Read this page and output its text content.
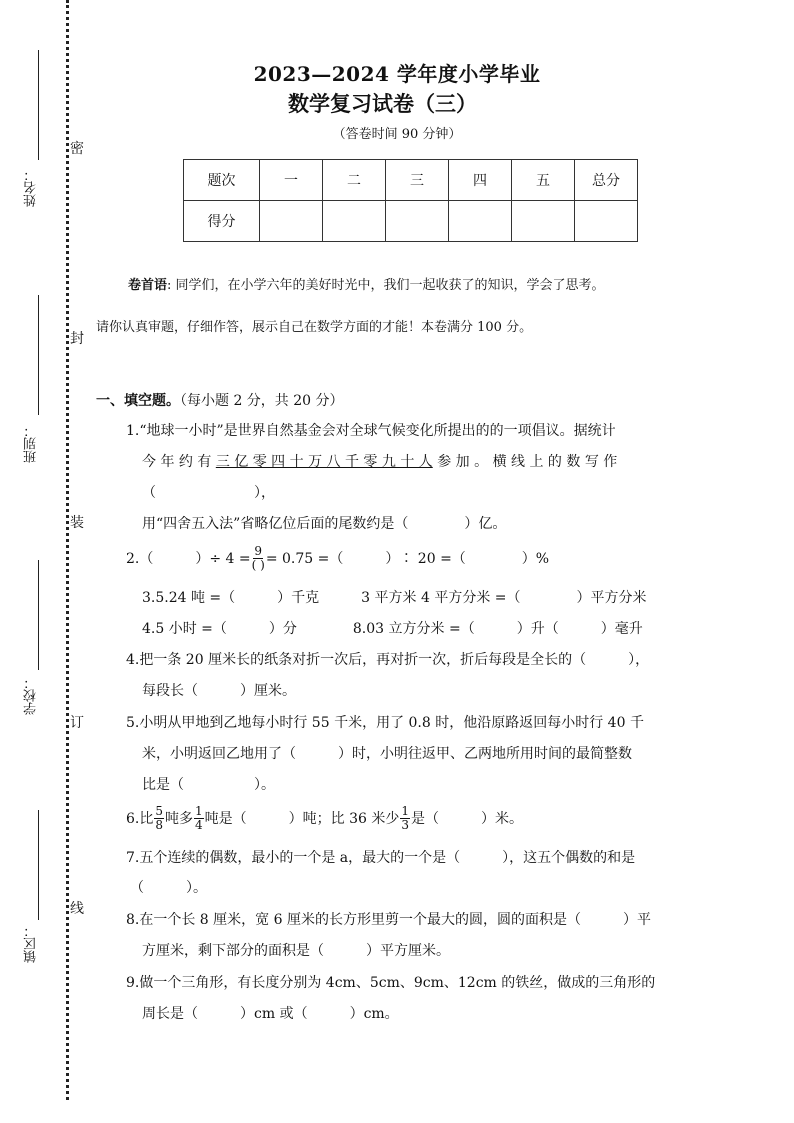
姓名：
班别：
学校：
镇区：
密
封
装
订
线
2023—2024 学年度小学毕业
数学复习试卷（三）
（答卷时间 90 分钟）
题次	一	二	三	四	五	总分
得分						
卷首语: 同学们，在小学六年的美好时光中，我们一起收获了的知识，学会了思考。
请你认真审题，仔细作答，展示自己在数学方面的才能！本卷满分 100 分。
一、填空题。（每小题 2 分，共 20 分）
1.“地球一小时”是世界自然基金会对全球气候变化所提出的的一项倡议。据统计
今 年 约 有 三 亿 零 四 十 万 八 千 零 九 十 人 参 加 。 横 线 上 的 数 写 作
（　　　　　　　），
用“四舍五入法”省略亿位后面的尾数约是（　　　　）亿。
2.（　　　）÷ $4 = \frac{9}{( )} = 0.75$ =（　　　）∶ 20 =（　　　　）%
3.5.24 吨 =（　　　）千克　　　3 平方米 4 平方分米 =（　　　　）平方分米
4.5 小时 =（　　　）分　　　　8.03 立方分米 =（　　　）升（　　　）毫升
4.把一条 20 厘米长的纸条对折一次后，再对折一次，折后每段是全长的（　　　），
每段长（　　　）厘米。
5.小明从甲地到乙地每小时行 55 千米，用了 0.8 时，他沿原路返回每小时行 40 千
米，小明返回乙地用了（　　　）时，小明往返甲、乙两地所用时间的最简整数
比是（　　　　　）。
6.比 $\frac{5}{8}$ 吨多 $\frac{1}{4}$ 吨是（　　　）吨；比 36 米少 $\frac{1}{3}$ 是（　　　）米。
7.五个连续的偶数，最小的一个是 a，最大的一个是（　　　），这五个偶数的和是
（　　　）。
8.在一个长 8 厘米，宽 6 厘米的长方形里剪一个最大的圆，圆的面积是（　　　）平
方厘米，剩下部分的面积是（　　　）平方厘米。
9.做一个三角形，有长度分别为 4cm、5cm、9cm、12cm 的铁丝，做成的三角形的
周长是（　　　）cm 或（　　　）cm。
